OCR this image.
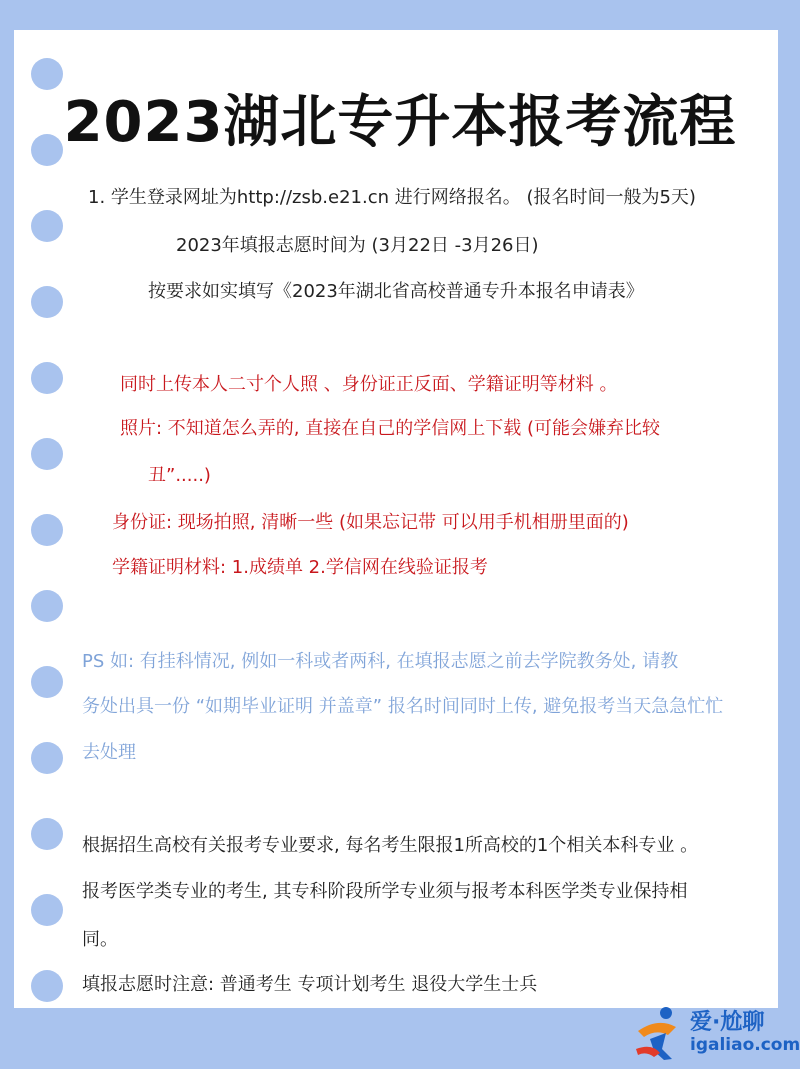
2023湖北专升本报考流程
1. 学生登录网址为http://zsb.e21.cn 进行网络报名。 (报名时间一般为5天)
2023年填报志愿时间为 (3月22日 -3月26日)
按要求如实填写《2023年湖北省高校普通专升本报名申请表》
同时上传本人二寸个人照 、身份证正反面、学籍证明等材料 。
照片: 不知道怎么弄的, 直接在自己的学信网上下载 (可能会嫌弃比较
丑”.....)
身份证: 现场拍照, 清晰一些 (如果忘记带 可以用手机相册里面的)
学籍证明材料: 1.成绩单 2.学信网在线验证报考
PS 如: 有挂科情况, 例如一科或者两科, 在填报志愿之前去学院教务处, 请教
务处出具一份 “如期毕业证明 并盖章” 报名时间同时上传, 避免报考当天急急忙忙
去处理
根据招生高校有关报考专业要求, 每名考生限报1所高校的1个相关本科专业 。
报考医学类专业的考生, 其专科阶段所学专业须与报考本科医学类专业保持相
同。
填报志愿时注意: 普通考生 专项计划考生 退役大学生士兵
爱·尬聊
igaliao.com
